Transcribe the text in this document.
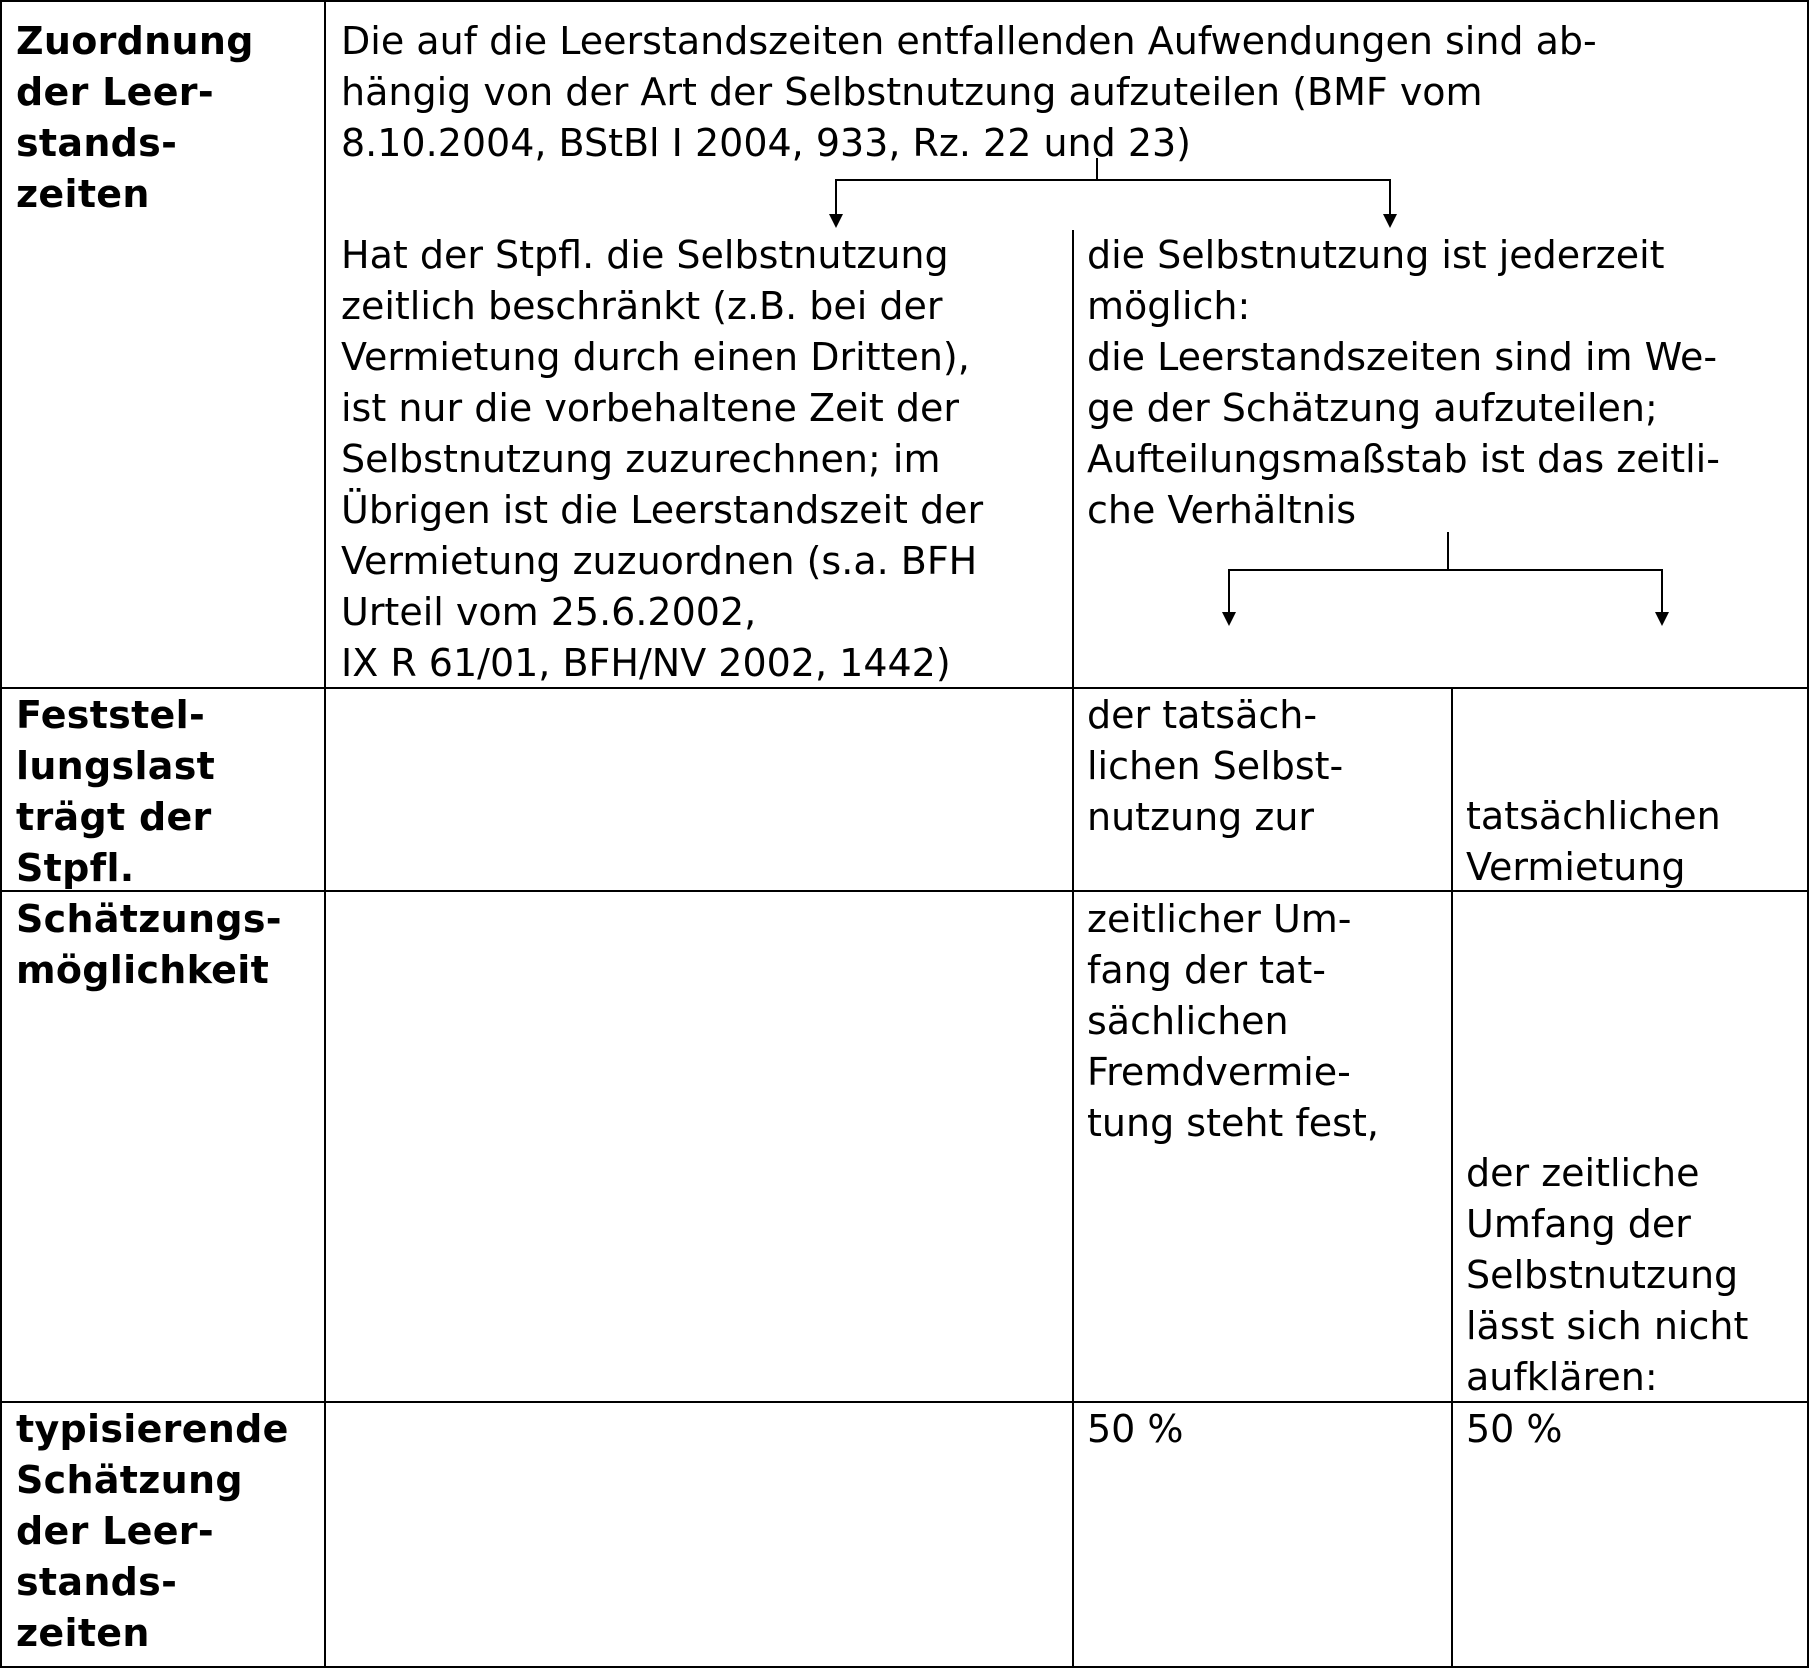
Zuordnung
der Leer-
stands-
zeiten
Die auf die Leerstandszeiten entfallenden Aufwendungen sind ab-
hängig von der Art der Selbstnutzung aufzuteilen (BMF vom
8.10.2004, BStBl I 2004, 933, Rz. 22 und 23)
Hat der Stpfl. die Selbstnutzung
zeitlich beschränkt (z.B. bei der
Vermietung durch einen Dritten),
ist nur die vorbehaltene Zeit der
Selbstnutzung zuzurechnen; im
Übrigen ist die Leerstandszeit der
Vermietung zuzuordnen (s.a. BFH
Urteil vom 25.6.2002,
IX R 61/01, BFH/NV 2002, 1442)
die Selbstnutzung ist jederzeit
möglich:
die Leerstandszeiten sind im We-
ge der Schätzung aufzuteilen;
Aufteilungsmaßstab ist das zeitli-
che Verhältnis
Feststel-
lungslast
trägt der
Stpfl.
der tatsäch-
lichen Selbst-
nutzung zur	tatsächlichen
Vermietung
Schätzungs-
möglichkeit
zeitlicher Um-
fang der tat-
sächlichen
Fremdvermie-
tung steht fest,
der zeitliche
Umfang der
Selbstnutzung
lässt sich nicht
aufklären:
typisierende
Schätzung
der Leer-
stands-
zeiten
50 %	50 %
